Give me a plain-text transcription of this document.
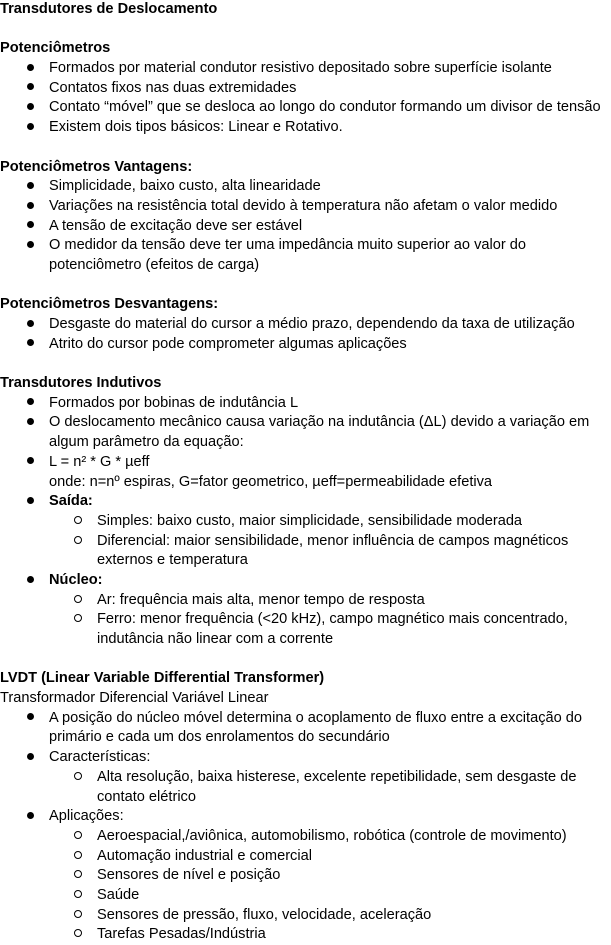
Transdutores de Deslocamento
Potenciômetros
Formados por material condutor resistivo depositado sobre superfície isolante
Contatos fixos nas duas extremidades
Contato “móvel” que se desloca ao longo do condutor formando um divisor de tensão
Existem dois tipos básicos: Linear e Rotativo.
Potenciômetros Vantagens:
Simplicidade, baixo custo, alta linearidade
Variações na resistência total devido à temperatura não afetam o valor medido
A tensão de excitação deve ser estável
O medidor da tensão deve ter uma impedância muito superior ao valor do
potenciômetro (efeitos de carga)
Potenciômetros Desvantagens:
Desgaste do material do cursor a médio prazo, dependendo da taxa de utilização
Atrito do cursor pode comprometer algumas aplicações
Transdutores Indutivos
Formados por bobinas de indutância L
O deslocamento mecânico causa variação na indutância (ΔL) devido a variação em
algum parâmetro da equação:
L = n² * G * µeff
onde: n=nº espiras, G=fator geometrico, µeff=permeabilidade efetiva
Saída:
Simples: baixo custo, maior simplicidade, sensibilidade moderada
Diferencial: maior sensibilidade, menor influência de campos magnéticos
externos e temperatura
Núcleo:
Ar: frequência mais alta, menor tempo de resposta
Ferro: menor frequência (<20 kHz), campo magnético mais concentrado,
indutância não linear com a corrente
LVDT (Linear Variable Differential Transformer)
Transformador Diferencial Variável Linear
A posição do núcleo móvel determina o acoplamento de fluxo entre a excitação do
primário e cada um dos enrolamentos do secundário
Características:
Alta resolução, baixa histerese, excelente repetibilidade, sem desgaste de
contato elétrico
Aplicações:
Aeroespacial,/aviônica, automobilismo, robótica (controle de movimento)
Automação industrial e comercial
Sensores de nível e posição
Saúde
Sensores de pressão, fluxo, velocidade, aceleração
Tarefas Pesadas/Indústria
